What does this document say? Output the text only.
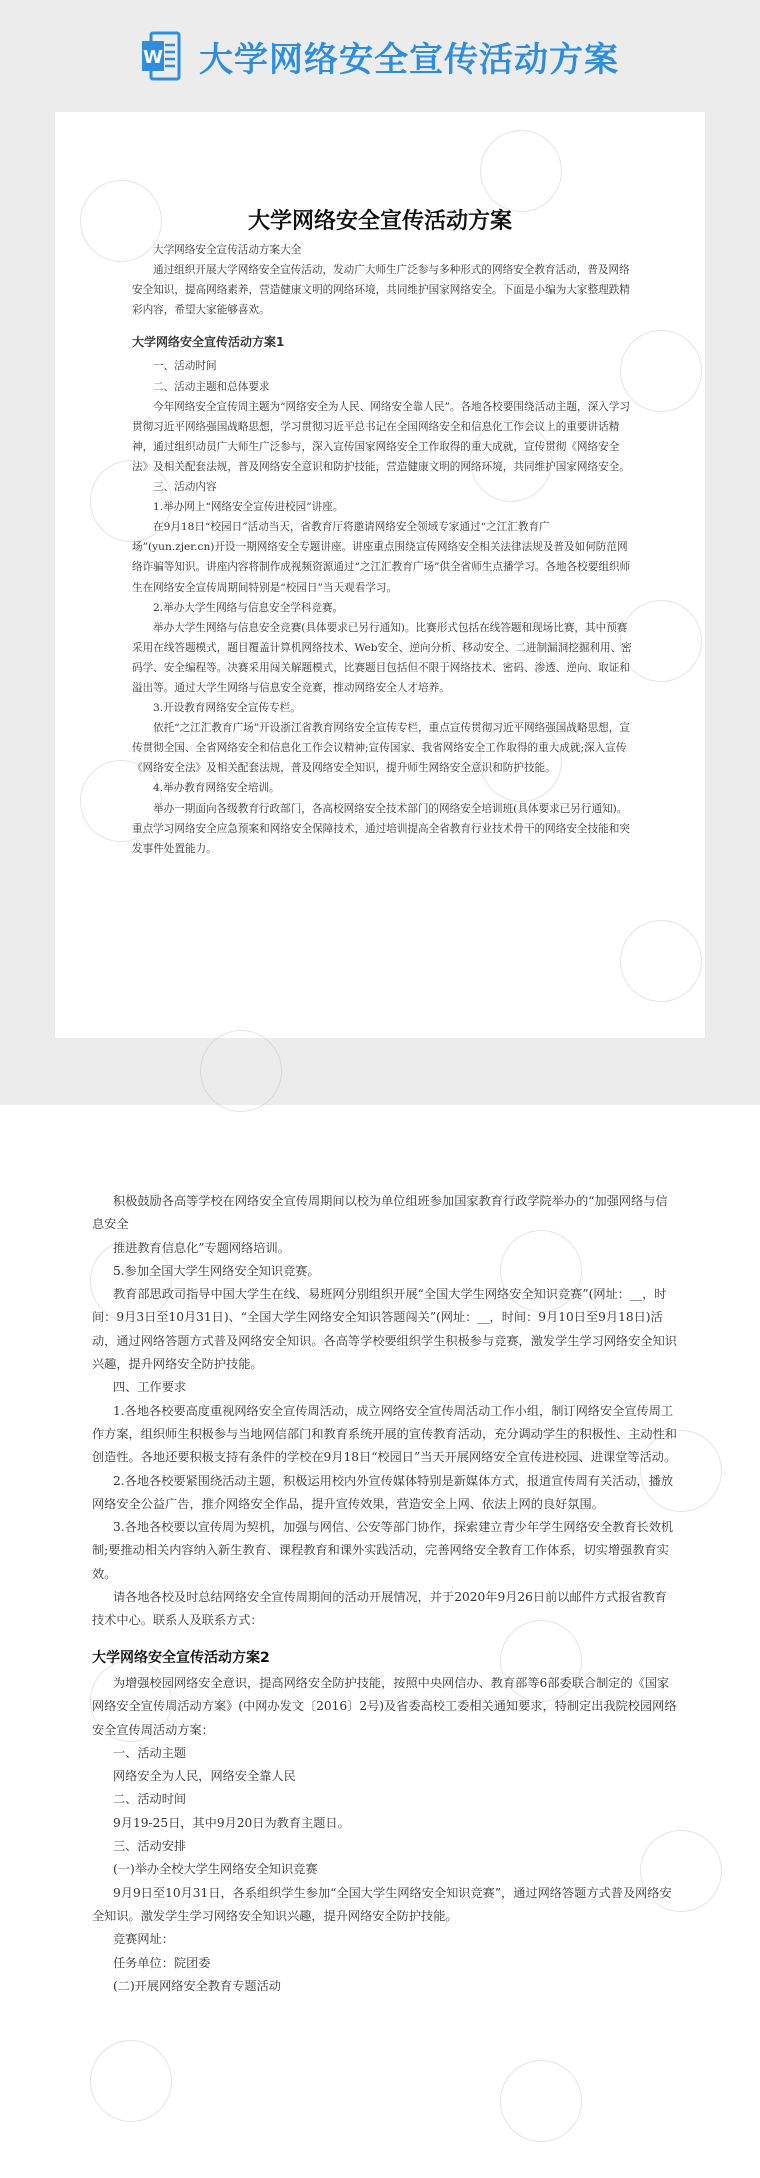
W 大学网络安全宣传活动方案
大学网络安全宣传活动方案

大学网络安全宣传活动方案大全

通过组织开展大学网络安全宣传活动，发动广大师生广泛参与多种形式的网络安全教育活动，普及网络安全知识，提高网络素养，营造健康文明的网络环境，共同维护国家网络安全。下面是小编为大家整理跌精彩内容，希望大家能够喜欢。

大学网络安全宣传活动方案1

一、活动时间

二、活动主题和总体要求

今年网络安全宣传周主题为“网络安全为人民、网络安全靠人民”。各地各校要围绕活动主题，深入学习贯彻习近平网络强国战略思想，学习贯彻习近平总书记在全国网络安全和信息化工作会议上的重要讲话精神，通过组织动员广大师生广泛参与，深入宣传国家网络安全工作取得的重大成就，宣传贯彻《网络安全法》及相关配套法规，普及网络安全意识和防护技能，营造健康文明的网络环境，共同维护国家网络安全。

三、活动内容

1.举办网上“网络安全宣传进校园”讲座。

在9月18日“校园日”活动当天，省教育厅将邀请网络安全领域专家通过“之江汇教育广场”(yun.zjer.cn)开设一期网络安全专题讲座。讲座重点围绕宣传网络安全相关法律法规及普及如何防范网络诈骗等知识。讲座内容将制作成视频资源通过“之江汇教育广场”供全省师生点播学习。各地各校要组织师生在网络安全宣传周期间特别是“校园日”当天观看学习。

2.举办大学生网络与信息安全学科竞赛。

举办大学生网络与信息安全竞赛(具体要求已另行通知)。比赛形式包括在线答题和现场比赛，其中预赛采用在线答题模式，题目覆盖计算机网络技术、Web安全、逆向分析、移动安全、二进制漏洞挖掘利用、密码学、安全编程等。决赛采用闯关解题模式，比赛题目包括但不限于网络技术、密码、渗透、逆向、取证和溢出等。通过大学生网络与信息安全竞赛，推动网络安全人才培养。

3.开设教育网络安全宣传专栏。

依托“之江汇教育广场”开设浙江省教育网络安全宣传专栏，重点宣传贯彻习近平网络强国战略思想，宣传贯彻全国、全省网络安全和信息化工作会议精神;宣传国家、我省网络安全工作取得的重大成就;深入宣传《网络安全法》及相关配套法规，普及网络安全知识，提升师生网络安全意识和防护技能。

4.举办教育网络安全培训。

举办一期面向各级教育行政部门，各高校网络安全技术部门的网络安全培训班(具体要求已另行通知)。重点学习网络安全应急预案和网络安全保障技术，通过培训提高全省教育行业技术骨干的网络安全技能和突发事件处置能力。

积极鼓励各高等学校在网络安全宣传周期间以校为单位组班参加国家教育行政学院举办的“加强网络与信息安全

推进教育信息化”专题网络培训。

5.参加全国大学生网络安全知识竞赛。

教育部思政司指导中国大学生在线、易班网分别组织开展“全国大学生网络安全知识竞赛”(网址：__，时间：9月3日至10月31日)、“全国大学生网络安全知识答题闯关”(网址：__，时间：9月10日至9月18日)活动，通过网络答题方式普及网络安全知识。各高等学校要组织学生积极参与竞赛，激发学生学习网络安全知识兴趣，提升网络安全防护技能。

四、工作要求

1.各地各校要高度重视网络安全宣传周活动，成立网络安全宣传周活动工作小组，制订网络安全宣传周工作方案，组织师生积极参与当地网信部门和教育系统开展的宣传教育活动，充分调动学生的积极性、主动性和创造性。各地还要积极支持有条件的学校在9月18日“校园日”当天开展网络安全宣传进校园、进课堂等活动。

2.各地各校要紧围绕活动主题，积极运用校内外宣传媒体特别是新媒体方式，报道宣传周有关活动，播放网络安全公益广告，推介网络安全作品，提升宣传效果，营造安全上网、依法上网的良好氛围。

3.各地各校要以宣传周为契机，加强与网信、公安等部门协作，探索建立青少年学生网络安全教育长效机制;要推动相关内容纳入新生教育、课程教育和课外实践活动，完善网络安全教育工作体系，切实增强教育实效。

请各地各校及时总结网络安全宣传周期间的活动开展情况，并于2020年9月26日前以邮件方式报省教育技术中心。联系人及联系方式：

大学网络安全宣传活动方案2

为增强校园网络安全意识，提高网络安全防护技能，按照中央网信办、教育部等6部委联合制定的《国家网络安全宣传周活动方案》(中网办发文〔2016〕2号)及省委高校工委相关通知要求，特制定出我院校园网络安全宣传周活动方案：

一、活动主题

网络安全为人民，网络安全靠人民

二、活动时间

9月19-25日，其中9月20日为教育主题日。

三、活动安排

(一)举办全校大学生网络安全知识竞赛

9月9日至10月31日，各系组织学生参加“全国大学生网络安全知识竞赛”，通过网络答题方式普及网络安全知识。激发学生学习网络安全知识兴趣，提升网络安全防护技能。

竞赛网址：

任务单位：院团委

(二)开展网络安全教育专题活动
